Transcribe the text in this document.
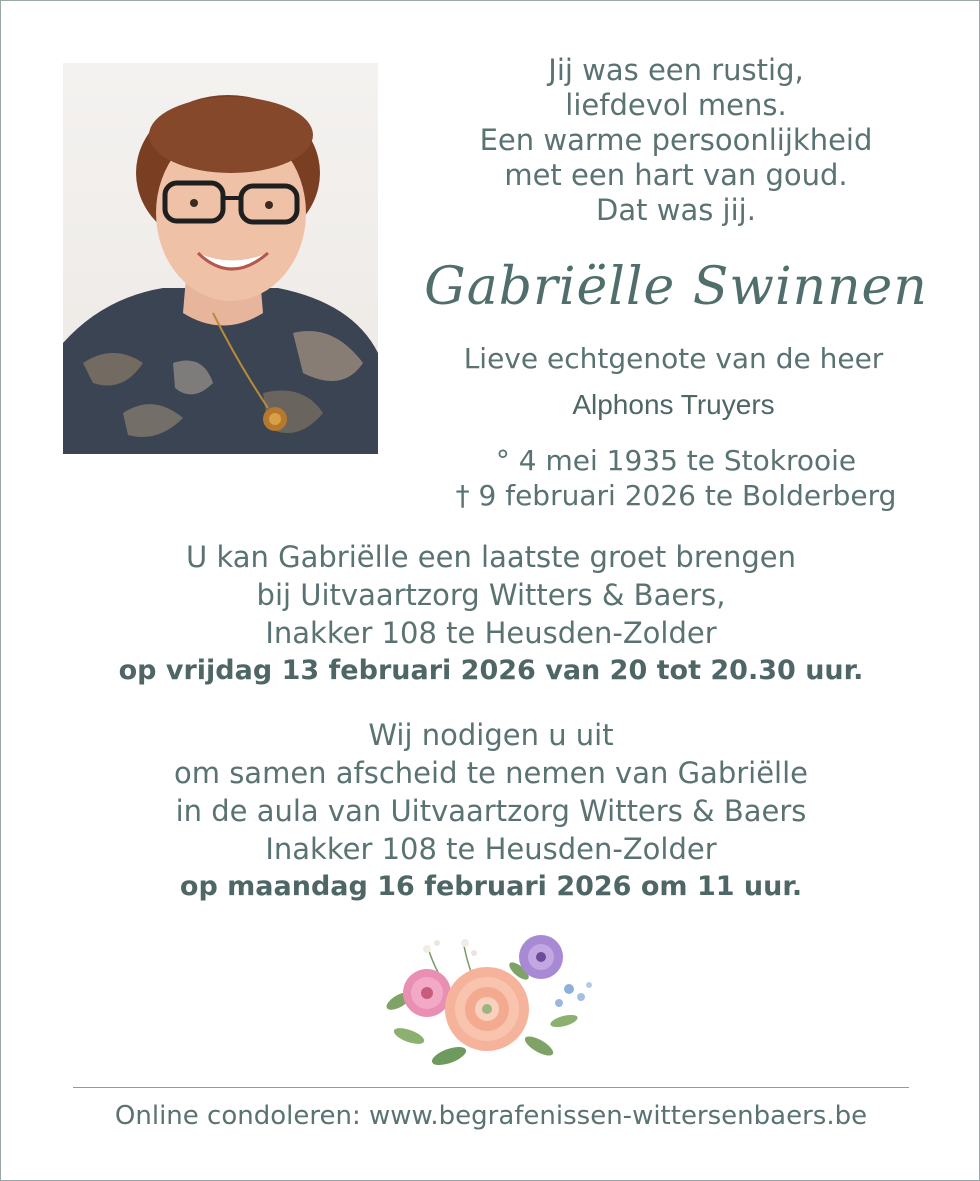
Jij was een rustig,
liefdevol mens.
Een warme persoonlijkheid
met een hart van goud.
Dat was jij.
Gabriëlle Swinnen
Lieve echtgenote van de heer
Alphons Truyers
° 4 mei 1935 te Stokrooie
† 9 februari 2026 te Bolderberg
U kan Gabriëlle een laatste groet brengen
bij Uitvaartzorg Witters & Baers,
Inakker 108 te Heusden-Zolder
op vrijdag 13 februari 2026 van 20 tot 20.30 uur.
Wij nodigen u uit
om samen afscheid te nemen van Gabriëlle
in de aula van Uitvaartzorg Witters & Baers
Inakker 108 te Heusden-Zolder
op maandag 16 februari 2026 om 11 uur.
Online condoleren: www.begrafenissen-wittersenbaers.be
